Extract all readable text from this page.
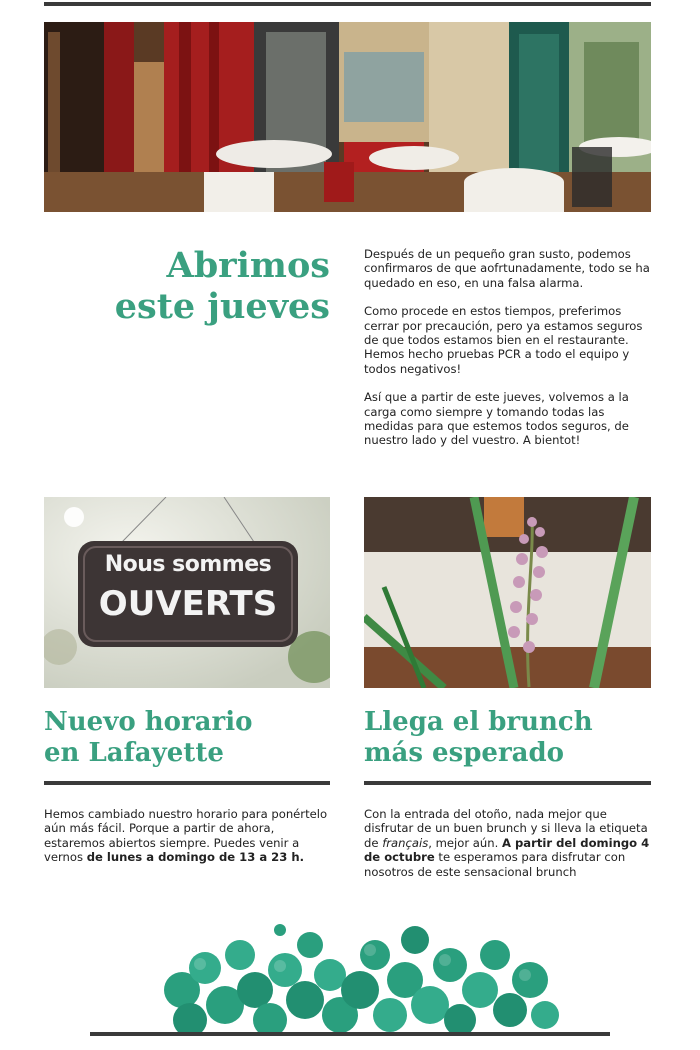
Abrimos
este jueves

Después de un pequeño gran susto, podemos confirmaros de que aofrtunadamente, todo se ha quedado en eso, en una falsa alarma.

Como procede en estos tiempos, preferimos cerrar por precaución, pero ya estamos seguros de que todos estamos bien en el restaurante. Hemos hecho pruebas PCR a todo el equipo y todos negativos!

Así que a partir de este jueves, volvemos a la carga como siempre y tomando todas las medidas para que estemos todos seguros, de nuestro lado y del vuestro. A bientot!

Nous sommes
OUVERTS
Nuevo horario
en Lafayette
Hemos cambiado nuestro horario para ponértelo aún más fácil. Porque a partir de ahora, estaremos abiertos siempre. Puedes venir a vernos de lunes a domingo de 13 a 23 h.
Llega el brunch
más esperado
Con la entrada del otoño, nada mejor que disfrutar de un buen brunch y si lleva la etiqueta de français, mejor aún. A partir del domingo 4 de octubre te esperamos para disfrutar con nosotros de este sensacional brunch
